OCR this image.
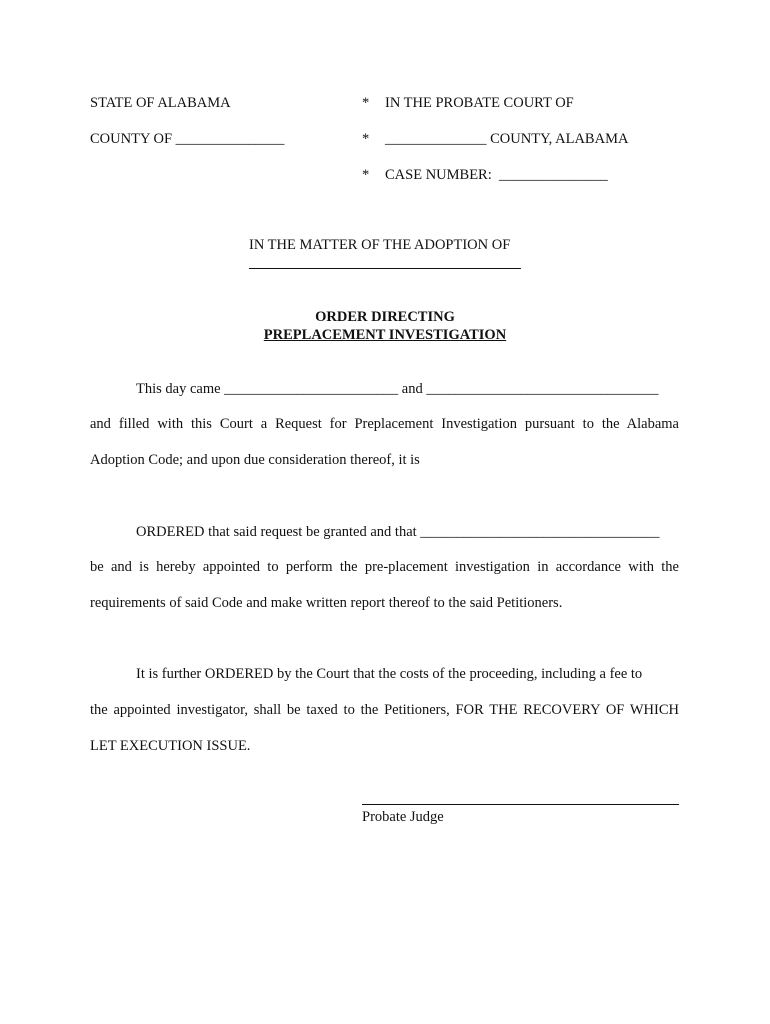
STATE OF ALABAMA
COUNTY OF _______________
*
*
*
IN THE PROBATE COURT OF
______________ COUNTY, ALABAMA
CASE NUMBER:  _______________
IN THE MATTER OF THE ADOPTION OF
ORDER DIRECTING
PREPLACEMENT INVESTIGATION
This day came ________________________ and ________________________________
and filled with this Court a Request for Preplacement Investigation pursuant to the Alabama
Adoption Code; and upon due consideration thereof, it is
ORDERED that said request be granted and that _________________________________
be and is hereby appointed to perform the pre-placement investigation in accordance with the
requirements of said Code and make written report thereof to the said Petitioners.
It is further ORDERED by the Court that the costs of the proceeding, including a fee to
the appointed investigator, shall be taxed to the Petitioners, FOR THE RECOVERY OF WHICH
LET EXECUTION ISSUE.
Probate Judge
